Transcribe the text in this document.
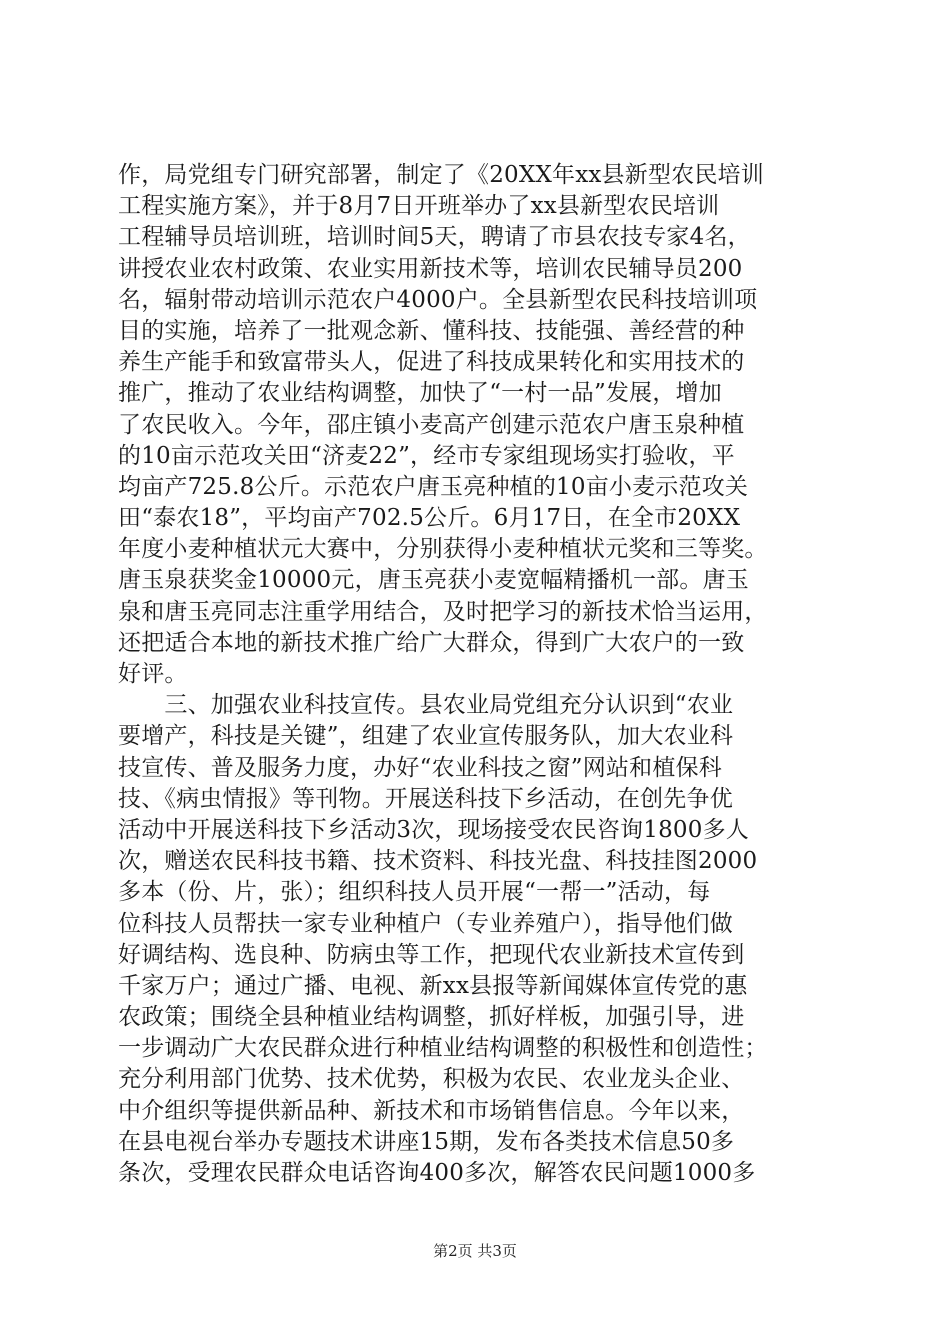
作，局党组专门研究部署，制定了《20XX年xx县新型农民培训
工程实施方案》，并于8月7日开班举办了xx县新型农民培训
工程辅导员培训班，培训时间5天，聘请了市县农技专家4名，
讲授农业农村政策、农业实用新技术等，培训农民辅导员200
名，辐射带动培训示范农户4000户。全县新型农民科技培训项
目的实施，培养了一批观念新、懂科技、技能强、善经营的种
养生产能手和致富带头人，促进了科技成果转化和实用技术的
推广，推动了农业结构调整，加快了“一村一品”发展，增加
了农民收入。今年，邵庄镇小麦高产创建示范农户唐玉泉种植
的10亩示范攻关田“济麦22”，经市专家组现场实打验收，平
均亩产725.8公斤。示范农户唐玉亮种植的10亩小麦示范攻关
田“泰农18”，平均亩产702.5公斤。6月17日，在全市20XX
年度小麦种植状元大赛中，分别获得小麦种植状元奖和三等奖。
唐玉泉获奖金10000元，唐玉亮获小麦宽幅精播机一部。唐玉
泉和唐玉亮同志注重学用结合，及时把学习的新技术恰当运用，
还把适合本地的新技术推广给广大群众，得到广大农户的一致
好评。
　　三、加强农业科技宣传。县农业局党组充分认识到“农业
要增产，科技是关键”，组建了农业宣传服务队，加大农业科
技宣传、普及服务力度，办好“农业科技之窗”网站和植保科
技、《病虫情报》等刊物。开展送科技下乡活动，在创先争优
活动中开展送科技下乡活动3次，现场接受农民咨询1800多人
次，赠送农民科技书籍、技术资料、科技光盘、科技挂图2000
多本（份、片，张）；组织科技人员开展“一帮一”活动，每
位科技人员帮扶一家专业种植户（专业养殖户），指导他们做
好调结构、选良种、防病虫等工作，把现代农业新技术宣传到
千家万户；通过广播、电视、新xx县报等新闻媒体宣传党的惠
农政策；围绕全县种植业结构调整，抓好样板，加强引导，进
一步调动广大农民群众进行种植业结构调整的积极性和创造性；
充分利用部门优势、技术优势，积极为农民、农业龙头企业、
中介组织等提供新品种、新技术和市场销售信息。今年以来，
在县电视台举办专题技术讲座15期，发布各类技术信息50多
条次，受理农民群众电话咨询400多次，解答农民问题1000多
第2页 共3页
